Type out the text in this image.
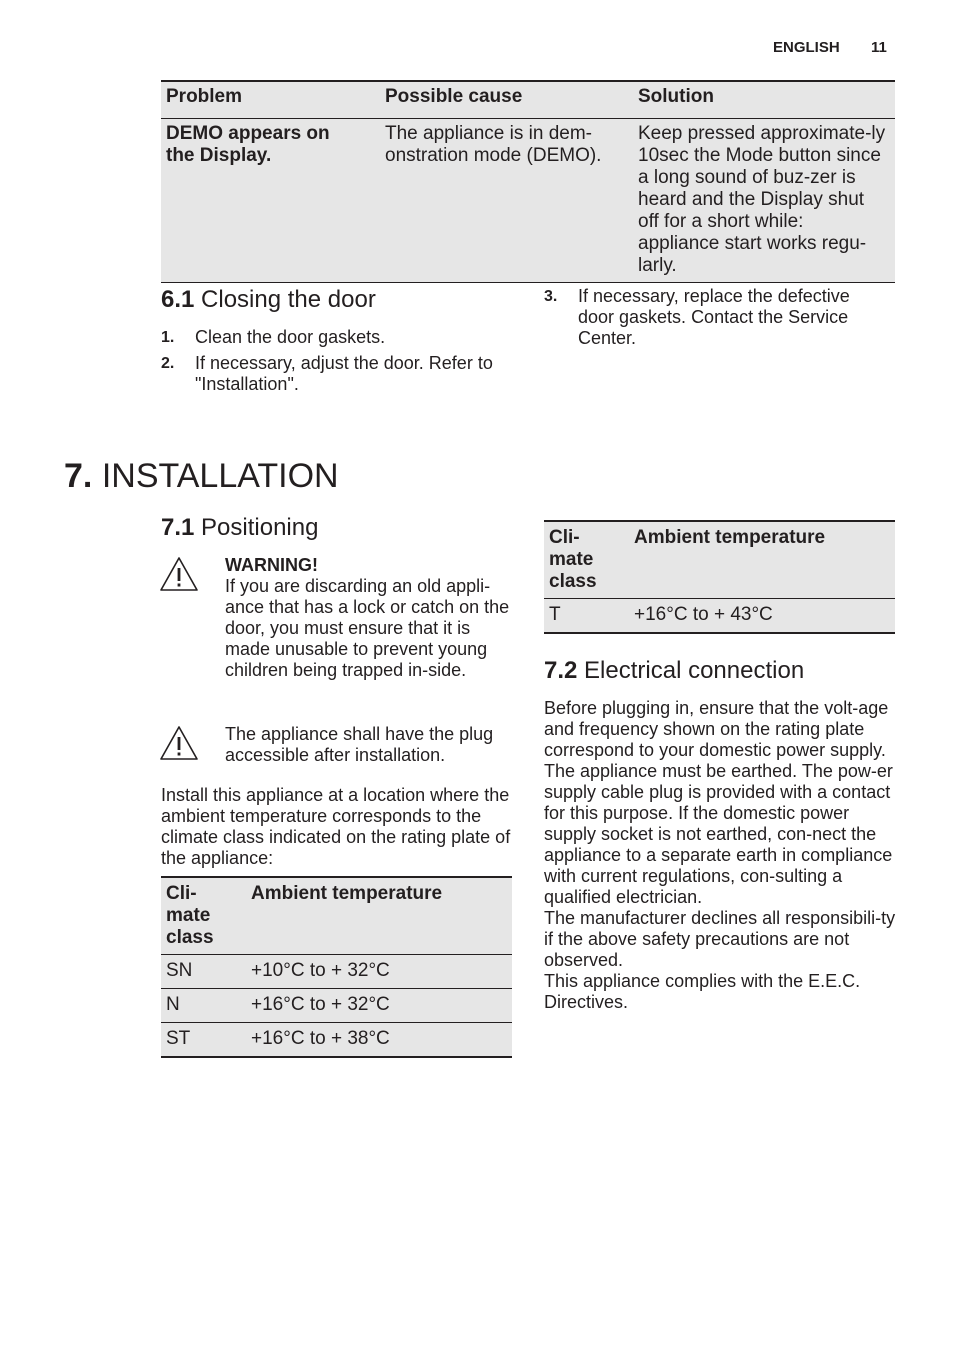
ENGLISH 11
Problem	Possible cause	Solution

DEMO appears on the Display.	The appliance is in dem-onstration mode (DEMO).	Keep pressed approximate-ly 10sec the Mode button since a long sound of buz-zer is heard and the Display shut off for a short while: appliance start works regu-larly.
6.1 Closing the door
1. Clean the door gaskets.
2. If necessary, adjust the door. Refer to "Installation".
3. If necessary, replace the defective door gaskets. Contact the Service Center.
7. INSTALLATION
7.1 Positioning
WARNING!
If you are discarding an old appli-ance that has a lock or catch on the door, you must ensure that it is made unusable to prevent young children being trapped in-side.
The appliance shall have the plug accessible after installation.
Install this appliance at a location where the ambient temperature corresponds to the climate class indicated on the rating plate of the appliance:
Cli-mate class	Ambient temperature
SN	+10°C to + 32°C
N	+16°C to + 32°C
ST	+16°C to + 38°C
Cli-mate class	Ambient temperature
T	+16°C to + 43°C
7.2 Electrical connection
Before plugging in, ensure that the volt-age and frequency shown on the rating plate correspond to your domestic power supply.
The appliance must be earthed. The pow-er supply cable plug is provided with a contact for this purpose. If the domestic power supply socket is not earthed, con-nect the appliance to a separate earth in compliance with current regulations, con-sulting a qualified electrician.
The manufacturer declines all responsibili-ty if the above safety precautions are not observed.
This appliance complies with the E.E.C. Directives.
